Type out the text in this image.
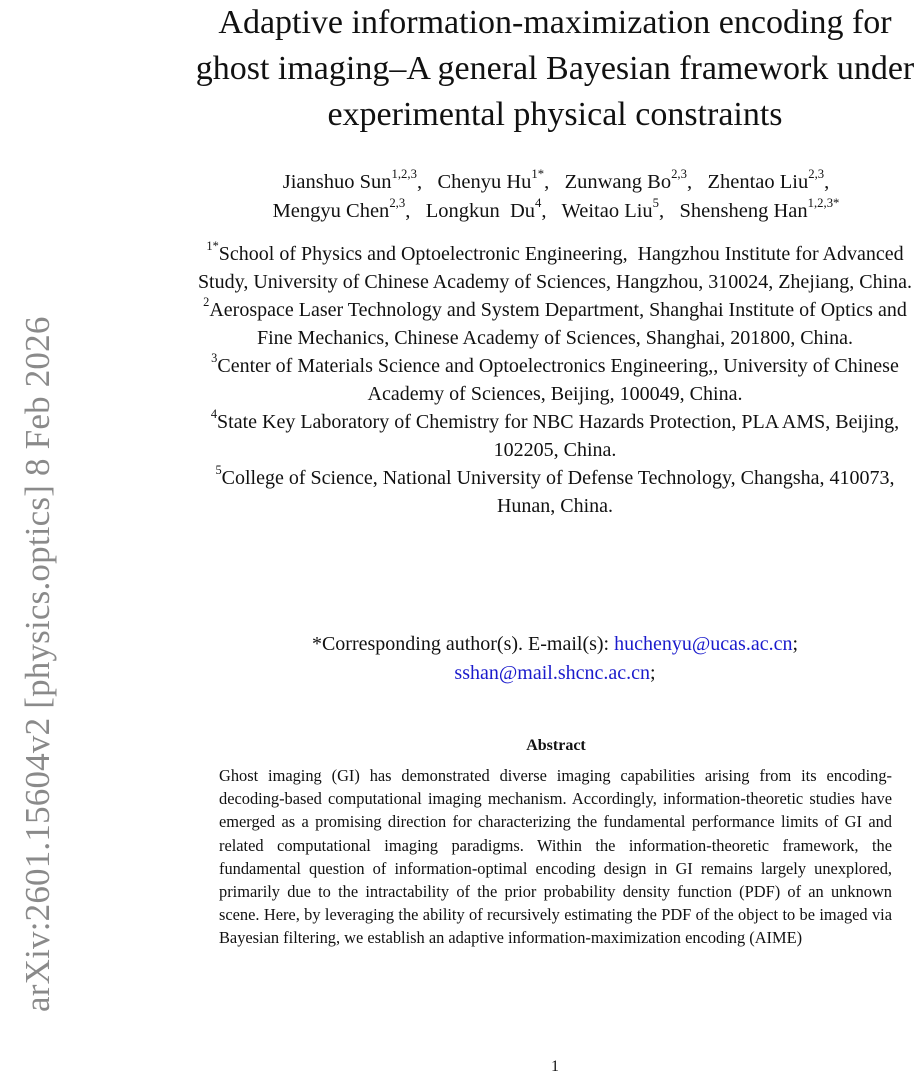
arXiv:2601.15604v2 [physics.optics] 8 Feb 2026
Adaptive information-maximization encoding for ghost imaging–A general Bayesian framework under experimental physical constraints
Jianshuo Sun$^{1,2,3}$,   Chenyu $Hu^{1*}$,   Zunwang Bo$^{2,3}$,   Zhentao Liu$^{2,3}$,
Mengyu Chen$^{2,3}$,   Longkun  Du$^4$,   Weitao Liu$^5$,   Shensheng Han$^{1,2,3*}$

$^{1*}$School of Physics and Optoelectronic Engineering,  Hangzhou Institute for Advanced Study, University of Chinese Academy of Sciences, Hangzhou, 310024, Zhejiang, China.

$^2$Aerospace Laser Technology and System Department, Shanghai Institute of Optics and Fine Mechanics, Chinese Academy of Sciences, Shanghai, 201800, China.

$^3$Center of Materials Science and Optoelectronics Engineering,, University of Chinese Academy of Sciences, Beijing, 100049, China.

$^4$State Key Laboratory of Chemistry for NBC Hazards Protection, PLA AMS, Beijing, 102205, China.

$^5$College of Science, National University of Defense Technology, Changsha, 410073, Hunan, China.

*Corresponding author(s). E-mail(s): huchenyu@ucas.ac.cn;
sshan@mail.shcnc.ac.cn;
Abstract

Ghost imaging (GI) has demonstrated diverse imaging capabilities arising from its encoding-decoding-based computational imaging mechanism. Accordingly, information-theoretic studies have emerged as a promising direction for characterizing the fundamental performance limits of GI and related computational imaging paradigms. Within the information-theoretic framework, the fundamental question of information-optimal encoding design in GI remains largely unexplored, primarily due to the intractability of the prior probability density function (PDF) of an unknown scene. Here, by leveraging the ability of recursively estimating the PDF of the object to be imaged via Bayesian filtering, we establish an adaptive information-maximization encoding (AIME)

1
